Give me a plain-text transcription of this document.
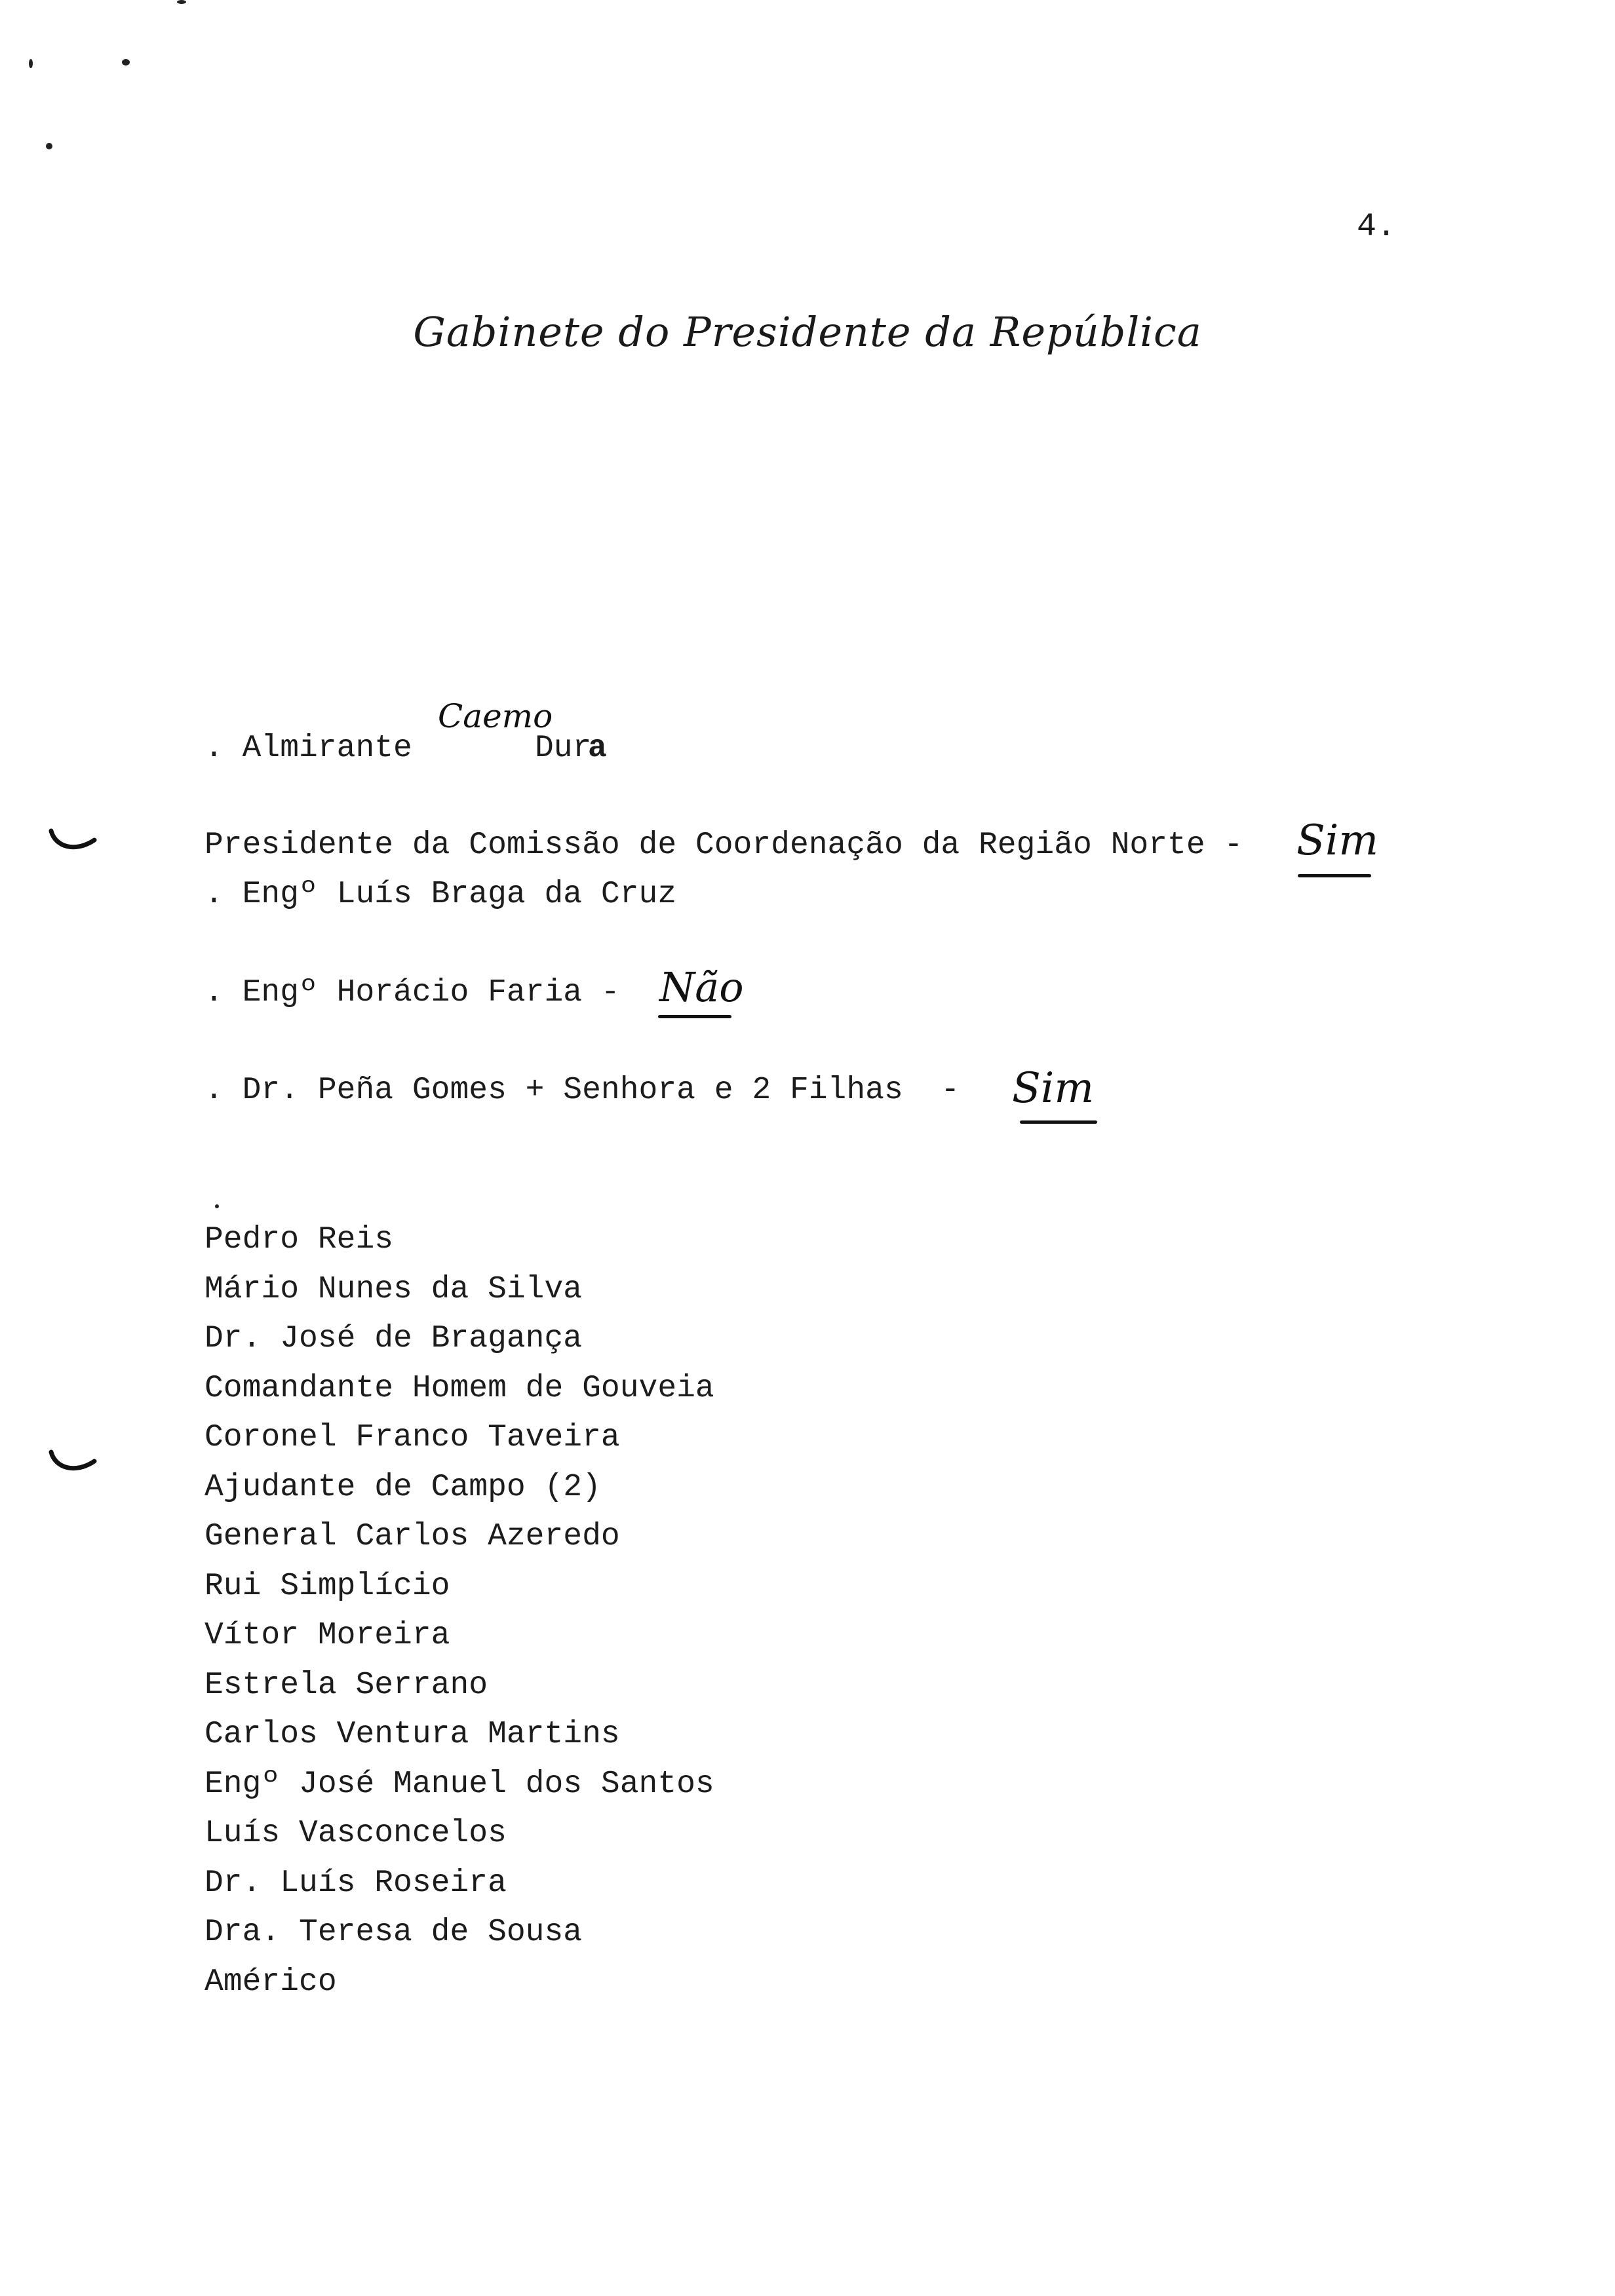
4.
Gabinete do Presidente da República
Caemo
. Almirante	Dur
a
Presidente da Comissão de Coordenação da Região Norte - Sim
. Engº Luís Braga da Cruz
. Engº Horácio Faria - Não
. Dr. Peña Gomes + Senhora e 2 Filhas  - Sim
Pedro Reis
Mário Nunes da Silva
Dr. José de Bragança
Comandante Homem de Gouveia
Coronel Franco Taveira
Ajudante de Campo (2)
General Carlos Azeredo
Rui Simplício
Vítor Moreira
Estrela Serrano
Carlos Ventura Martins
Engº José Manuel dos Santos
Luís Vasconcelos
Dr. Luís Roseira
Dra. Teresa de Sousa
Américo
